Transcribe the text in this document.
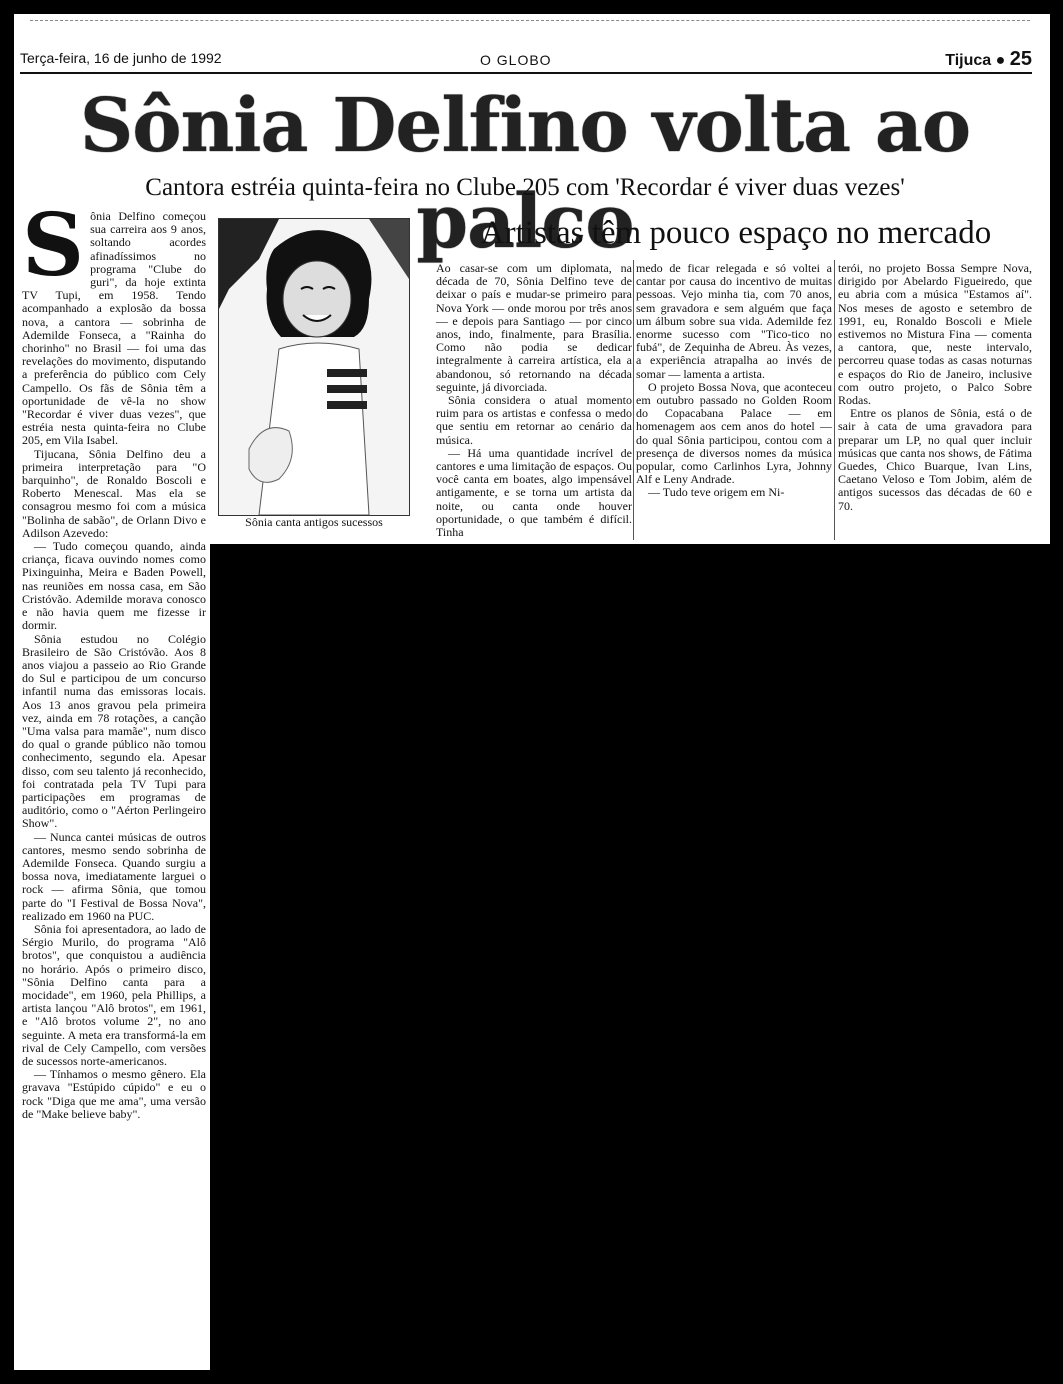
Terça-feira, 16 de junho de 1992	O GLOBO	Tijuca ● 25
Sônia Delfino volta ao palco
Cantora estréia quinta-feira no Clube 205 com 'Recordar é viver duas vezes'
S ônia Delfino começou sua carreira aos 9 anos, soltando acordes afinadíssimos no programa "Clube do guri", da hoje extinta TV Tupi, em 1958. Tendo acompanhado a explosão da bossa nova, a cantora — sobrinha de Ademilde Fonseca, a "Rainha do chorinho" no Brasil — foi uma das revelações do movimento, disputando a preferência do público com Cely Campello. Os fãs de Sônia têm a oportunidade de vê-la no show "Recordar é viver duas vezes", que estréia nesta quinta-feira no Clube 205, em Vila Isabel.

Tijucana, Sônia Delfino deu a primeira interpretação para "O barquinho", de Ronaldo Boscoli e Roberto Menescal. Mas ela se consagrou mesmo foi com a música "Bolinha de sabão", de Orlann Divo e Adilson Azevedo:

— Tudo começou quando, ainda criança, ficava ouvindo nomes como Pixinguinha, Meira e Baden Powell, nas reuniões em nossa casa, em São Cristóvão. Ademilde morava conosco e não havia quem me fizesse ir dormir.

Sônia estudou no Colégio Brasileiro de São Cristóvão. Aos 8 anos viajou a passeio ao Rio Grande do Sul e participou de um concurso infantil numa das emissoras locais. Aos 13 anos gravou pela primeira vez, ainda em 78 rotações, a canção "Uma valsa para mamãe", num disco do qual o grande público não tomou conhecimento, segundo ela. Apesar disso, com seu talento já reconhecido, foi contratada pela TV Tupi para participações em programas de auditório, como o "Aérton Perlingeiro Show".

— Nunca cantei músicas de outros cantores, mesmo sendo sobrinha de Ademilde Fonseca. Quando surgiu a bossa nova, imediatamente larguei o rock — afirma Sônia, que tomou parte do "I Festival de Bossa Nova", realizado em 1960 na PUC.

Sônia foi apresentadora, ao lado de Sérgio Murilo, do programa "Alô brotos", que conquistou a audiência no horário. Após o primeiro disco, "Sônia Delfino canta para a mocidade", em 1960, pela Phillips, a artista lançou "Alô brotos", em 1961, e "Alô brotos volume 2", no ano seguinte. A meta era transformá-la em rival de Cely Campello, com versões de sucessos norte-americanos.

— Tínhamos o mesmo gênero. Ela gravava "Estúpido cúpido" e eu o rock "Diga que me ama", uma versão de "Make believe baby".

Sônia canta antigos sucessos
Artistas têm pouco espaço no mercado

Ao casar-se com um diplomata, na década de 70, Sônia Delfino teve de deixar o país e mudar-se primeiro para Nova York — onde morou por três anos — e depois para Santiago — por cinco anos, indo, finalmente, para Brasília. Como não podia se dedicar integralmente à carreira artística, ela a abandonou, só retornando na década seguinte, já divorciada.

Sônia considera o atual momento ruim para os artistas e confessa o medo que sentiu em retornar ao cenário da música.

— Há uma quantidade incrível de cantores e uma limitação de espaços. Ou você canta em boates, algo impensável antigamente, e se torna um artista da noite, ou canta onde houver oportunidade, o que também é difícil. Tinha

medo de ficar relegada e só voltei a cantar por causa do incentivo de muitas pessoas. Vejo minha tia, com 70 anos, sem gravadora e sem alguém que faça um álbum sobre sua vida. Ademilde fez enorme sucesso com "Tico-tico no fubá", de Zequinha de Abreu. Às vezes, a experiência atrapalha ao invés de somar — lamenta a artista.

O projeto Bossa Nova, que aconteceu em outubro passado no Golden Room do Copacabana Palace — em homenagem aos cem anos do hotel — do qual Sônia participou, contou com a presença de diversos nomes da música popular, como Carlinhos Lyra, Johnny Alf e Leny Andrade.

— Tudo teve origem em Ni-

terói, no projeto Bossa Sempre Nova, dirigido por Abelardo Figueiredo, que eu abria com a música "Estamos aí". Nos meses de agosto e setembro de 1991, eu, Ronaldo Boscoli e Miele estivemos no Mistura Fina — comenta a cantora, que, neste intervalo, percorreu quase todas as casas noturnas e espaços do Rio de Janeiro, inclusive com outro projeto, o Palco Sobre Rodas.

Entre os planos de Sônia, está o de sair à cata de uma gravadora para preparar um LP, no qual quer incluir músicas que canta nos shows, de Fátima Guedes, Chico Buarque, Ivan Lins, Caetano Veloso e Tom Jobim, além de antigos sucessos das décadas de 60 e 70.
